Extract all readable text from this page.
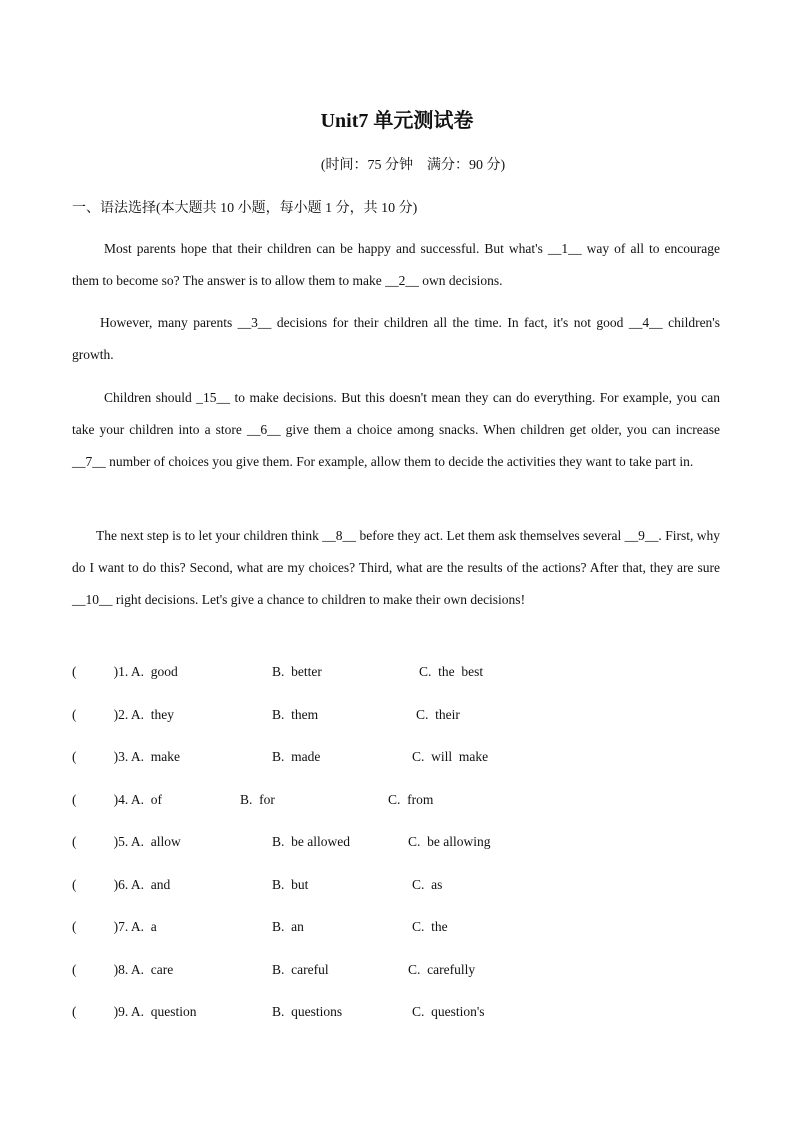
Unit7 单元测试卷
(时间：75 分钟    满分：90 分)
一、语法选择(本大题共 10 小题，每小题 1 分，共 10 分)
Most parents hope that their children can be happy and successful. But what's __1__ way of all to encourage them to become so? The answer is to allow them to make __2__ own decisions.
However, many parents __3__ decisions for their children all the time. In fact, it's not good __4__ children's growth.
Children should _15__ to make decisions. But this doesn't mean they can do everything. For example, you can take your children into a store __6__ give them a choice among snacks. When children get older, you can increase __7__ number of choices you give them. For example, allow them to decide the activities they want to take part in.
The next step is to let your children think __8__ before they act. Let them ask themselves several __9__. First, why do I want to do this? Second, what are my choices? Third, what are the results of the actions? After that, they are sure __10__ right decisions. Let's give a chance to children to make their own decisions!
(           )1. A.  good	B.  better	C.  the  best
(           )2. A.  they	B.  them	C.  their
(           )3. A.  make	B.  made	C.  will  make
(           )4. A.  of	B.  for	C.  from
(           )5. A.  allow	B.  be allowed	C.  be allowing
(           )6. A.  and	B.  but	C.  as
(           )7. A.  a	B.  an	C.  the
(           )8. A.  care	B.  careful	C.  carefully
(           )9. A.  question	B.  questions	C.  question's
